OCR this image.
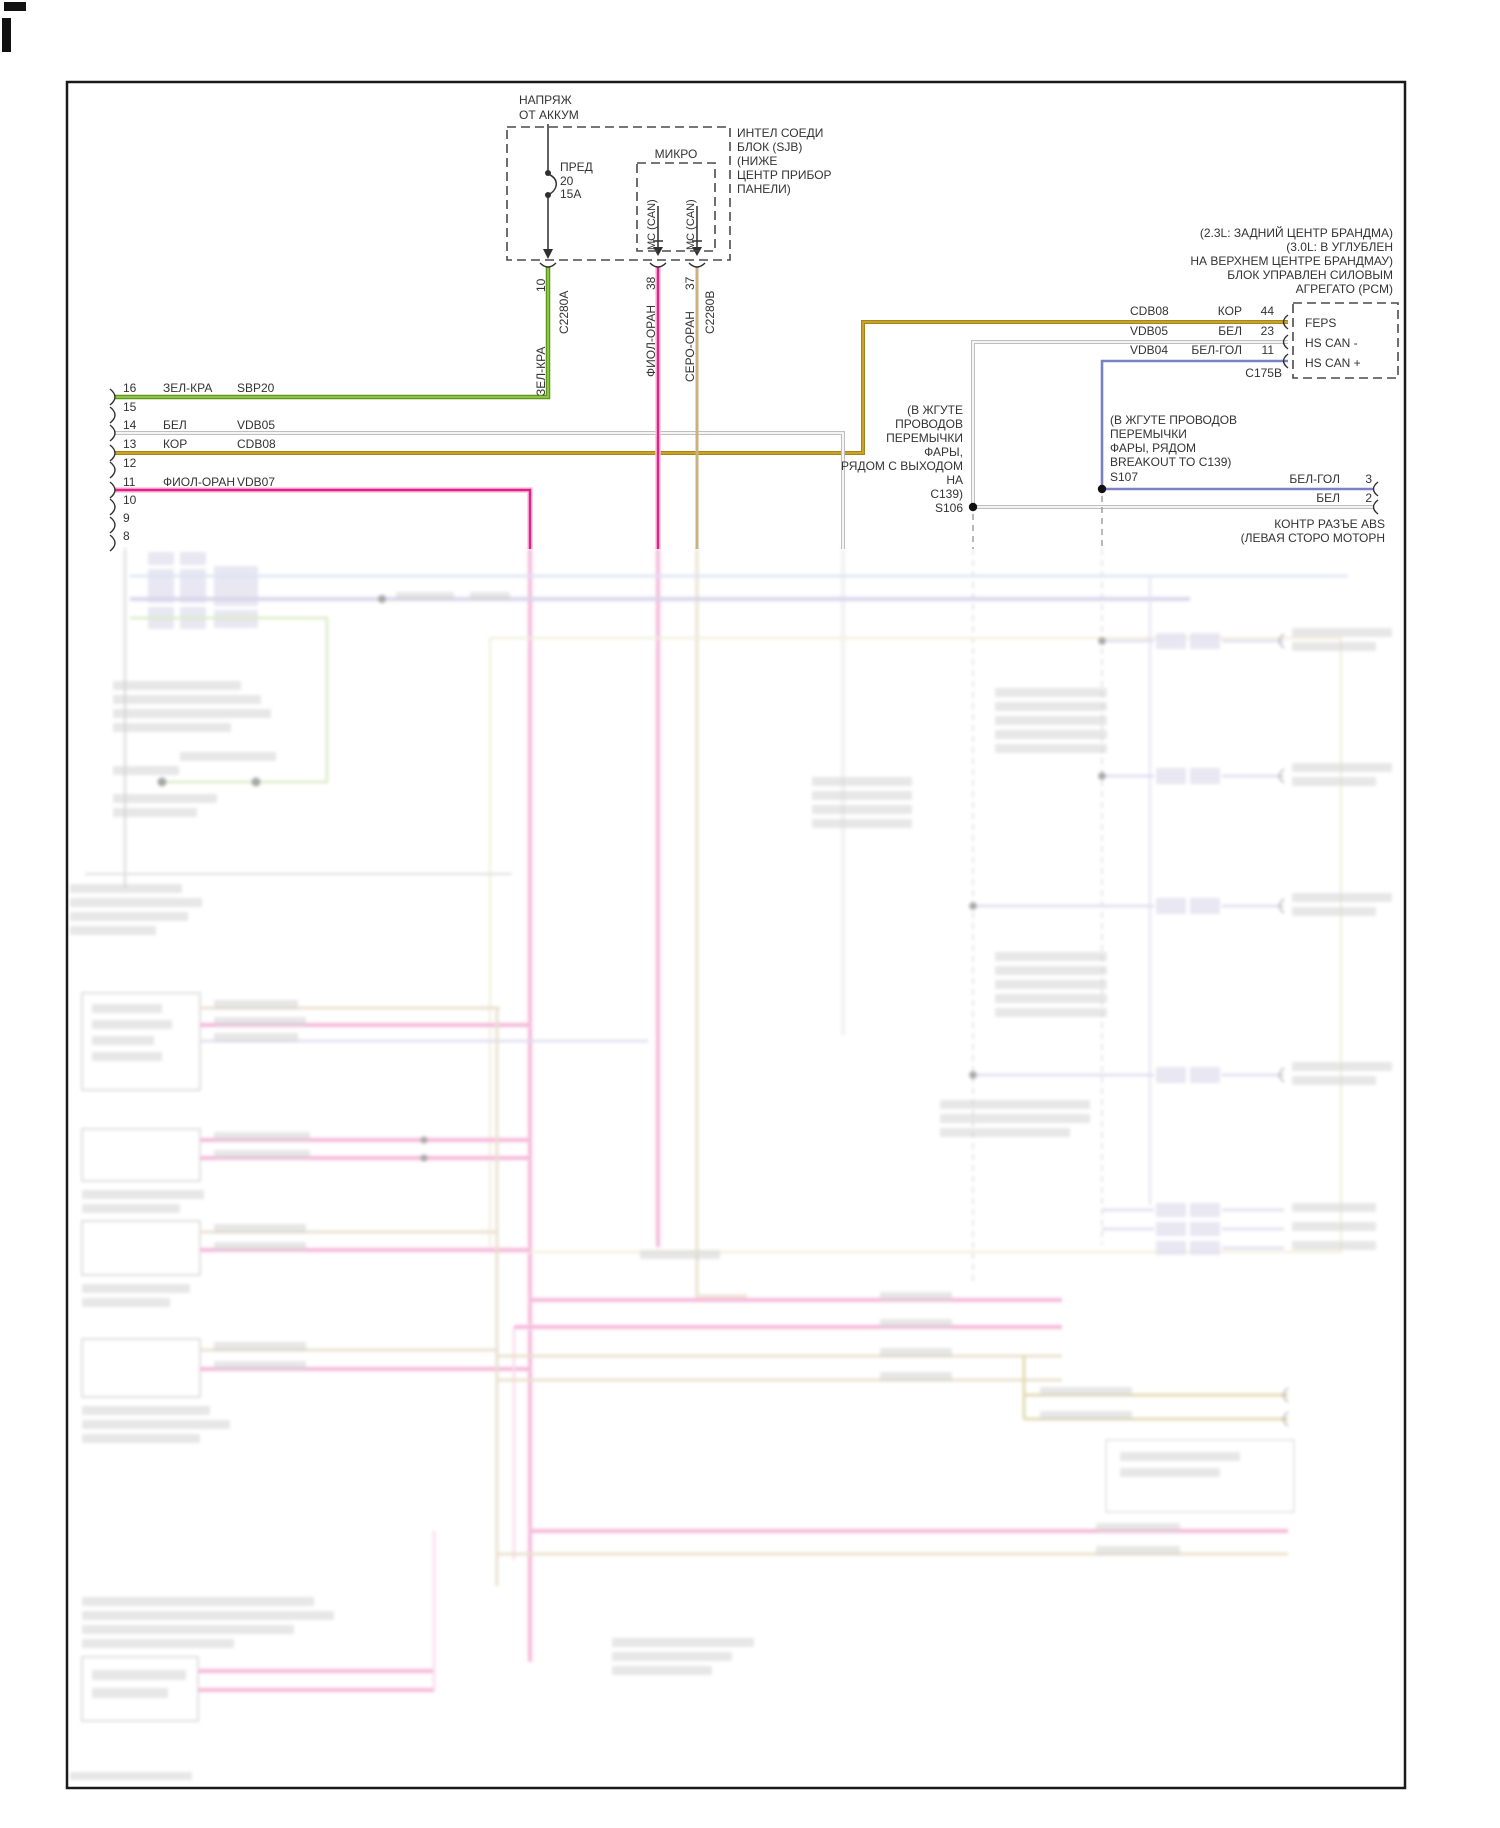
НАПРЯЖ
ОТ АККУМ
ПРЕД
20
15А
ИНТЕЛ СОЕДИ
БЛОК (SJB)
(НИЖЕ
ЦЕНТР ПРИБОР
ПАНЕЛИ)
МИКРО
МС (CAN) МС (CAN)
10
C2280A
ЗЕЛ-КРА
38
ФИОЛ-ОРАН
37
СЕРО-ОРАН C2280B
(2.3L: ЗАДНИЙ ЦЕНТР БРАНДМА)
(3.0L: В УГЛУБЛЕН
НА ВЕРХНЕМ ЦЕНТРЕ БРАНДМАУ)
БЛОК УПРАВЛЕН СИЛОВЫМ
АГРЕГАТО (PCM)
CDB08	КОР 44
FEPS
VDB05	БЕЛ 23
HS CAN -
VDB04 БЕЛ-ГОЛ 11
HS CAN +
C175B
16 ЗЕЛ-КРА SBP20
15
14 БЕЛ	VDB05
13 КОР	CDB08
12
11 ФИОЛ-ОРАН VDB07
10
9
8
(В ЖГУТЕ
ПРОВОДОВ
ПЕРЕМЫЧКИ
ФАРЫ,
РЯДОМ С ВЫХОДОМ
НА
C139)
S106
(В ЖГУТЕ ПРОВОДОВ
ПЕРЕМЫЧКИ
ФАРЫ, РЯДОМ
BREAKOUT TO C139)
S107	БЕЛ-ГОЛ 3
БЕЛ 2
КОНТР РАЗЪЕ ABS
(ЛЕВАЯ СТОРО МОТОРН
